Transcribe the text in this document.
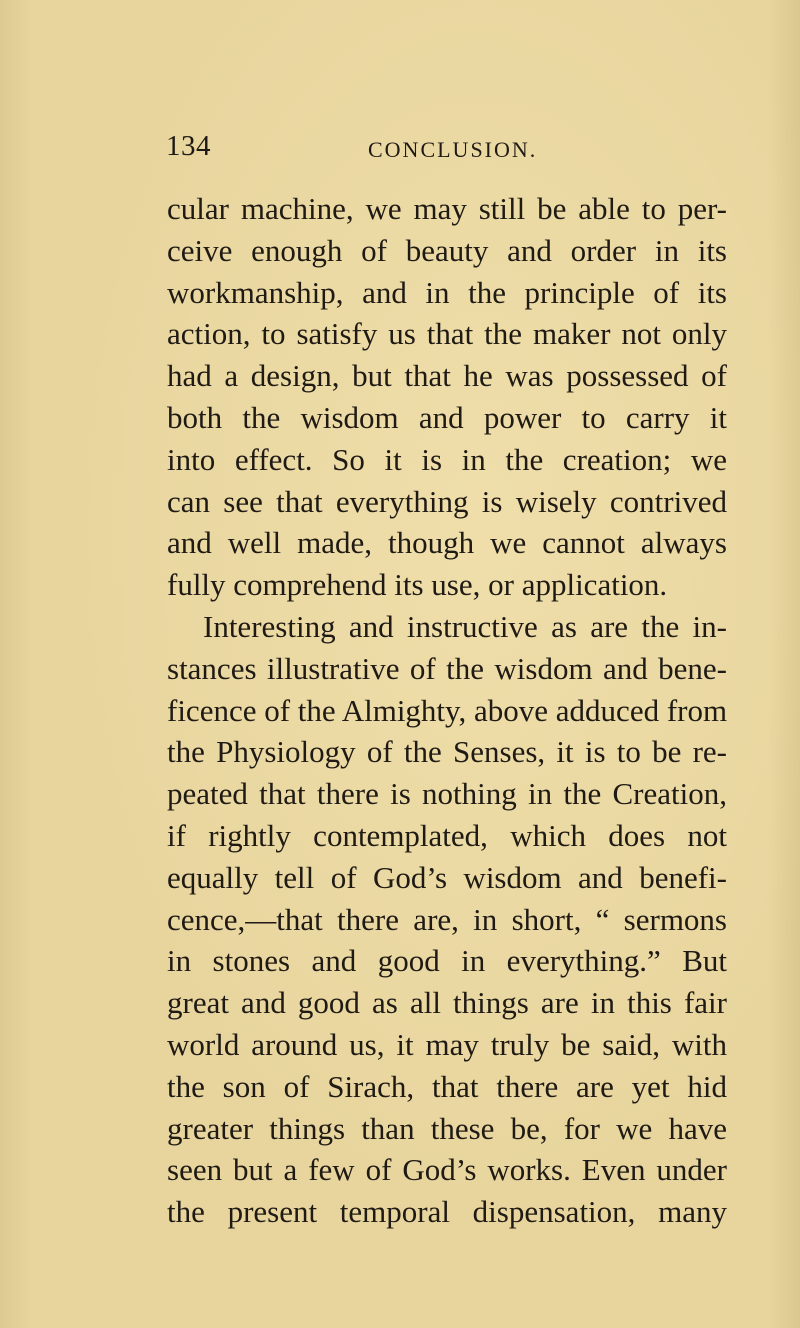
134	CONCLUSION.
cular machine, we may still be able to per-
ceive enough of beauty and order in its
workmanship, and in the principle of its
action, to satisfy us that the maker not only
had a design, but that he was possessed of
both the wisdom and power to carry it
into effect. So it is in the creation; we
can see that everything is wisely contrived
and well made, though we cannot always
fully comprehend its use, or application.
Interesting and instructive as are the in-
stances illustrative of the wisdom and bene-
ficence of the Almighty, above adduced from
the Physiology of the Senses, it is to be re-
peated that there is nothing in the Creation,
if rightly contemplated, which does not
equally tell of God’s wisdom and benefi-
cence,—that there are, in short, “ sermons
in stones and good in everything.” But
great and good as all things are in this fair
world around us, it may truly be said, with
the son of Sirach, that there are yet hid
greater things than these be, for we have
seen but a few of God’s works. Even under
the present temporal dispensation, many
